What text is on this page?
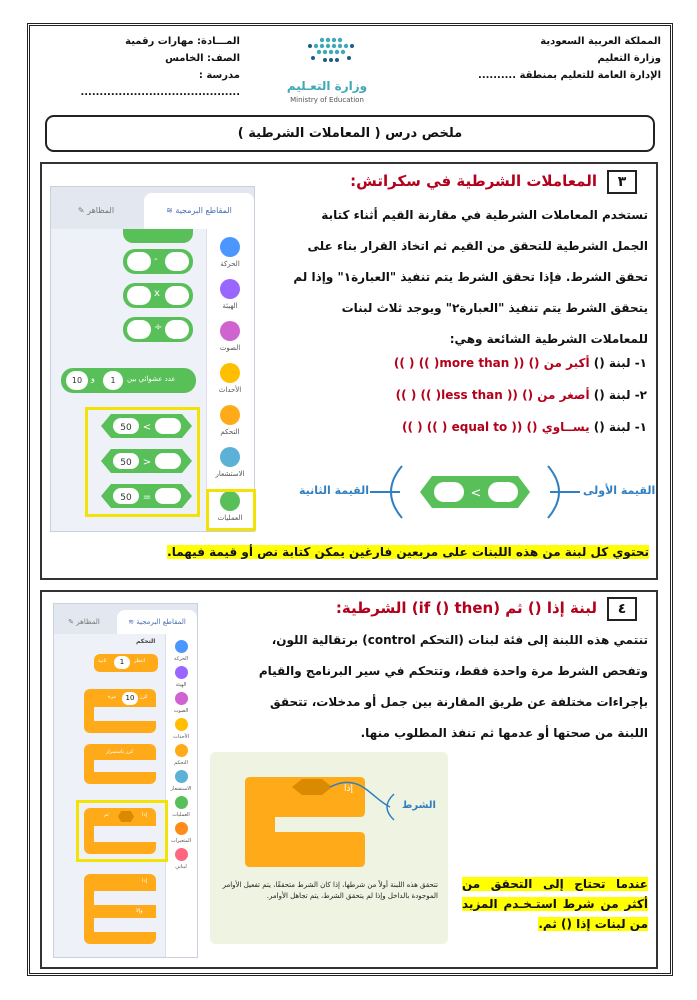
المملكة العربية السعودية
وزارة التعليم
الإدارة العامة للتعليم بمنطقة ..........
المـــادة: مهارات رقمية
الصف: الخامس
مدرسة : ..........................................	وزارة التعـليم
Ministry of Education
ملخص درس ( المعاملات الشرطية )
٣
المعاملات الشرطية في سكراتش:
تستخدم المعاملات الشرطية في مقارنة القيم أثناء كتابة
الجمل الشرطية للتحقق من القيم ثم اتخاذ القرار بناء على
تحقق الشرط. فإذا تحقق الشرط يتم تنفيذ "العبارة١" وإذا لم
يتحقق الشرط يتم تنفيذ "العبارة٢" ويوجد ثلاث لبنات
للمعاملات الشرطية الشائعة وهي:
١- لبنة () أكبر من () (( more than( )) ( ))
٢- لبنة () أصغر من () (( less than( )) ( ))
١- لبنة () يســاوي () (( equal to ( )) ( ))
القيمة الثانية	القيمة الأولى
<
المقاطع البرمجية ≋
المظاهر ✎
الحركة
الهيئة
الصوت
الأحداث
التحكم
الاستشعار
العمليات
-
x
÷
10	و	1	عدد عشوائي بين
50 <
50 >
50 =
تحتوي كل لبنة من هذه اللبنات على مربعين فارغين يمكن كتابة نص أو قيمة فيهما.
٤
لبنة إذا () ثم (if () then) الشرطية:
تنتمي هذه اللبنة إلى فئة لبنات (التحكم control) برتقالية اللون،
وتفحص الشرط مرة واحدة فقط، وتتحكم في سير البرنامج والقيام
بإجراءات مختلفة عن طريق المقارنة بين جمل أو مدخلات، تتحقق
اللبنة من صحتها أو عدمها ثم تنفذ المطلوب منها.
المقاطع البرمجية ≋
المظاهر ✎
الحركة
الهيئة
الصوت
الأحداث
التحكم
الاستشعار
العمليات
المتغيرات
لبناتي
التحكم
ثانية	1	انتظر
10	كرر
مرة
كرر باستمرار
إذا
ثم
إذا
وإلا
إذا
الشرط
تتحقق هذه اللبنة أولاً من شرطها، إذا كان الشرط متحققًا، يتم تفعيل الأوامر الموجودة بالداخل وإذا لم يتحقق الشرط، يتم تجاهل الأوامر.
عندما تحتاج إلى التحقق من أكثر من شرط استـخـدم المزيد من لبنات إذا () ثم.
